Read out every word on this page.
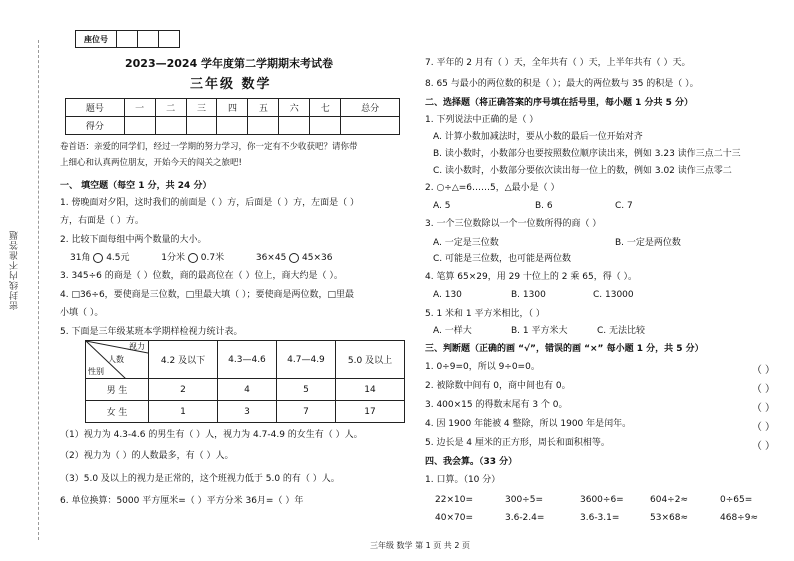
密封线内不准答题
座位号			
2023—2024 学年度第二学期期末考试卷
三年级 数学
题号	一	二	三	四	五	六	七	总分
得分								
卷首语：亲爱的同学们，经过一学期的努力学习，你一定有不少收获吧？请你带
上细心和认真两位朋友，开始今天的闯关之旅吧!
一、 填空题（每空 1 分，共 24 分）
1. 傍晚面对夕阳，这时我们的前面是（ ）方，后面是（ ）方，左面是（ ）
方，右面是（ ）方。
2. 比较下面每组中两个数量的大小。
31角 4.5元	1分米 0.7米	36×45 45×36
3. 345÷6 的商是（ ）位数，商的最高位在（ ）位上，商大约是（ ）。
4. □36÷6，要使商是三位数，□里最大填（ ）；要使商是两位数，□里最
小填（ ）。
5. 下面是三年级某班本学期样检视力统计表。
视力
人数
性别	4.2 及以下	4.3—4.6	4.7—4.9	5.0 及以上
男 生	2	4	5	14
女 生	1	3	7	17
（1）视力为 4.3-4.6 的男生有（ ）人，视力为 4.7-4.9 的女生有（ ）人。
（2）视力为（ ）的人数最多，有（ ）人。
（3）5.0 及以上的视力是正常的，这个班视力低于 5.0 的有（ ）人。
6. 单位换算：5000 平方厘米=（ ）平方分米 36月=（ ）年
7. 平年的 2 月有（ ）天，全年共有（ ）天，上半年共有（ ）天。
8. 65 与最小的两位数的积是（ ）；最大的两位数与 35 的积是（ ）。
二、选择题（将正确答案的序号填在括号里，每小题 1 分共 5 分）
1. 下列说法中正确的是（ ）
A. 计算小数加减法时，要从小数的最后一位开始对齐
B. 读小数时，小数部分也要按照数位顺序读出来，例如 3.23 读作三点二十三
C. 读小数时，小数部分要依次读出每一位上的数，例如 3.02 读作三点零二
2. ○÷△=6……5，△最小是（ ）
A. 5	B. 6	C. 7
3. 一个三位数除以一个一位数所得的商（ ）
A. 一定是三位数	B. 一定是两位数
C. 可能是三位数，也可能是两位数
4. 笔算 65×29，用 29 十位上的 2 乘 65，得（ ）。
A. 130	B. 1300	C. 13000
5. 1 米和 1 平方米相比，（ ）
A. 一样大	B. 1 平方米大	C. 无法比较
三、判断题（正确的画 “√”，错误的画 “×” 每小题 1 分，共 5 分）
1. 0÷9=0，所以 9÷0=0。
2. 被除数中间有 0，商中间也有 0。
3. 400×15 的得数末尾有 3 个 0。
4. 因 1900 年能被 4 整除，所以 1900 年是闰年。
5. 边长是 4 厘米的正方形，周长和面积相等。
（ ）
（ ）
（ ）
（ ）
（ ）
四、我会算。（33 分）
1. 口算。（10 分）
22×10=	300÷5=	3600÷6=	604÷2≈	0÷65=
40×70=	3.6-2.4=	3.6-3.1=	53×68≈	468÷9≈
三年级 数学 第 1 页 共 2 页
